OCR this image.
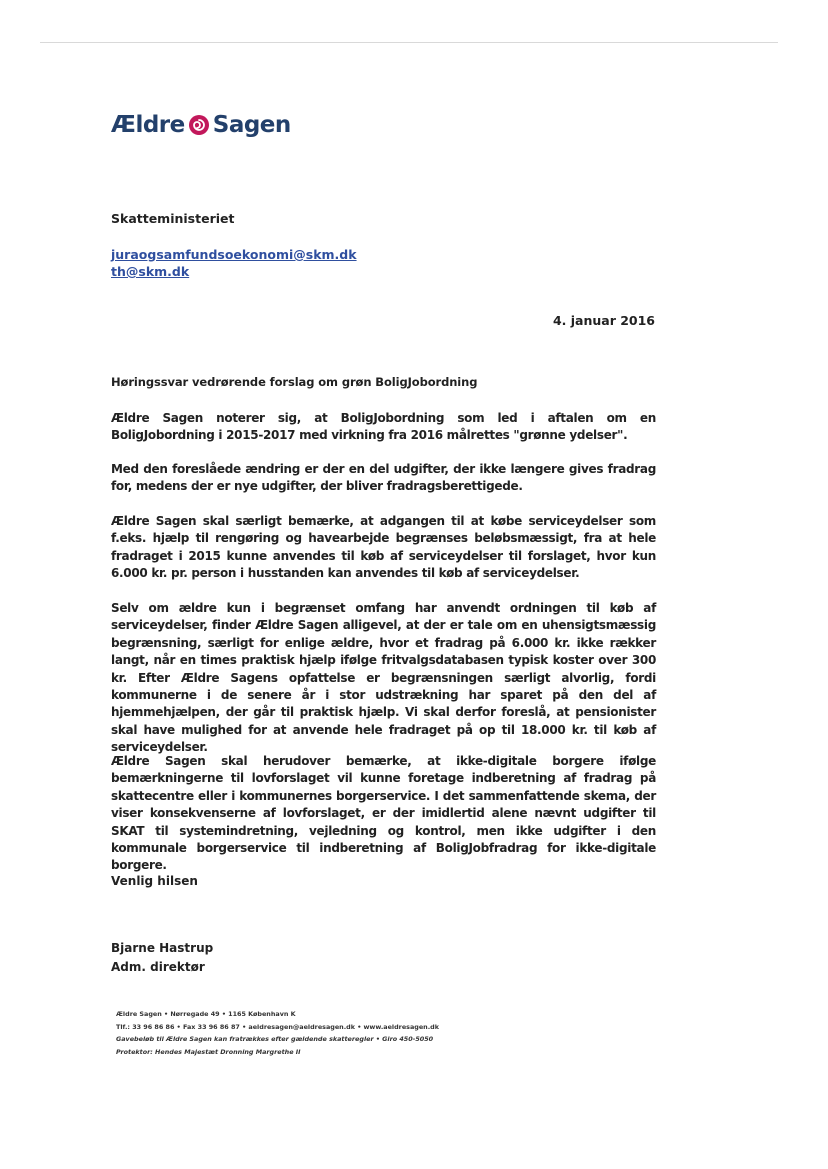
Ældre Sagen
Skatteministeriet
juraogsamfundsoekonomi@skm.dk
th@skm.dk
4. januar 2016
Høringssvar vedrørende forslag om grøn BoligJobordning

Ældre Sagen noterer sig, at BoligJobordning som led i aftalen om en BoligJobordning i 2015-2017 med virkning fra 2016 målrettes "grønne ydelser".

Med den foreslåede ændring er der en del udgifter, der ikke længere gives fradrag for, medens der er nye udgifter, der bliver fradragsberettigede.

Ældre Sagen skal særligt bemærke, at adgangen til at købe serviceydelser som f.eks. hjælp til rengøring og havearbejde begrænses beløbsmæssigt, fra at hele fradraget i 2015 kunne anvendes til køb af serviceydelser til forslaget, hvor kun 6.000 kr. pr. person i husstanden kan anvendes til køb af serviceydelser.

Selv om ældre kun i begrænset omfang har anvendt ordningen til køb af serviceydelser, finder Ældre Sagen alligevel, at der er tale om en uhensigtsmæssig begrænsning, særligt for enlige ældre, hvor et fradrag på 6.000 kr. ikke rækker langt, når en times praktisk hjælp ifølge fritvalgsdatabasen typisk koster over 300 kr. Efter Ældre Sagens opfattelse er begrænsningen særligt alvorlig, fordi kommunerne i de senere år i stor udstrækning har sparet på den del af hjemmehjælpen, der går til praktisk hjælp. Vi skal derfor foreslå, at pensionister skal have mulighed for at anvende hele fradraget på op til 18.000 kr. til køb af serviceydelser.

Ældre Sagen skal herudover bemærke, at ikke-digitale borgere ifølge bemærkningerne til lovforslaget vil kunne foretage indberetning af fradrag på skattecentre eller i kommunernes borgerservice. I det sammenfattende skema, der viser konsekvenserne af lovforslaget, er der imidlertid alene nævnt udgifter til SKAT til systemindretning, vejledning og kontrol, men ikke udgifter i den kommunale borgerservice til indberetning af BoligJobfradrag for ikke-digitale borgere.

Venlig hilsen
Bjarne Hastrup
Adm. direktør
Ældre Sagen • Nørregade 49 • 1165 København K
Tlf.: 33 96 86 86 • Fax 33 96 86 87 • aeldresagen@aeldresagen.dk • www.aeldresagen.dk
Gavebeløb til Ældre Sagen kan fratrækkes efter gældende skatteregler • Giro 450-5050
Protektor: Hendes Majestæt Dronning Margrethe II
